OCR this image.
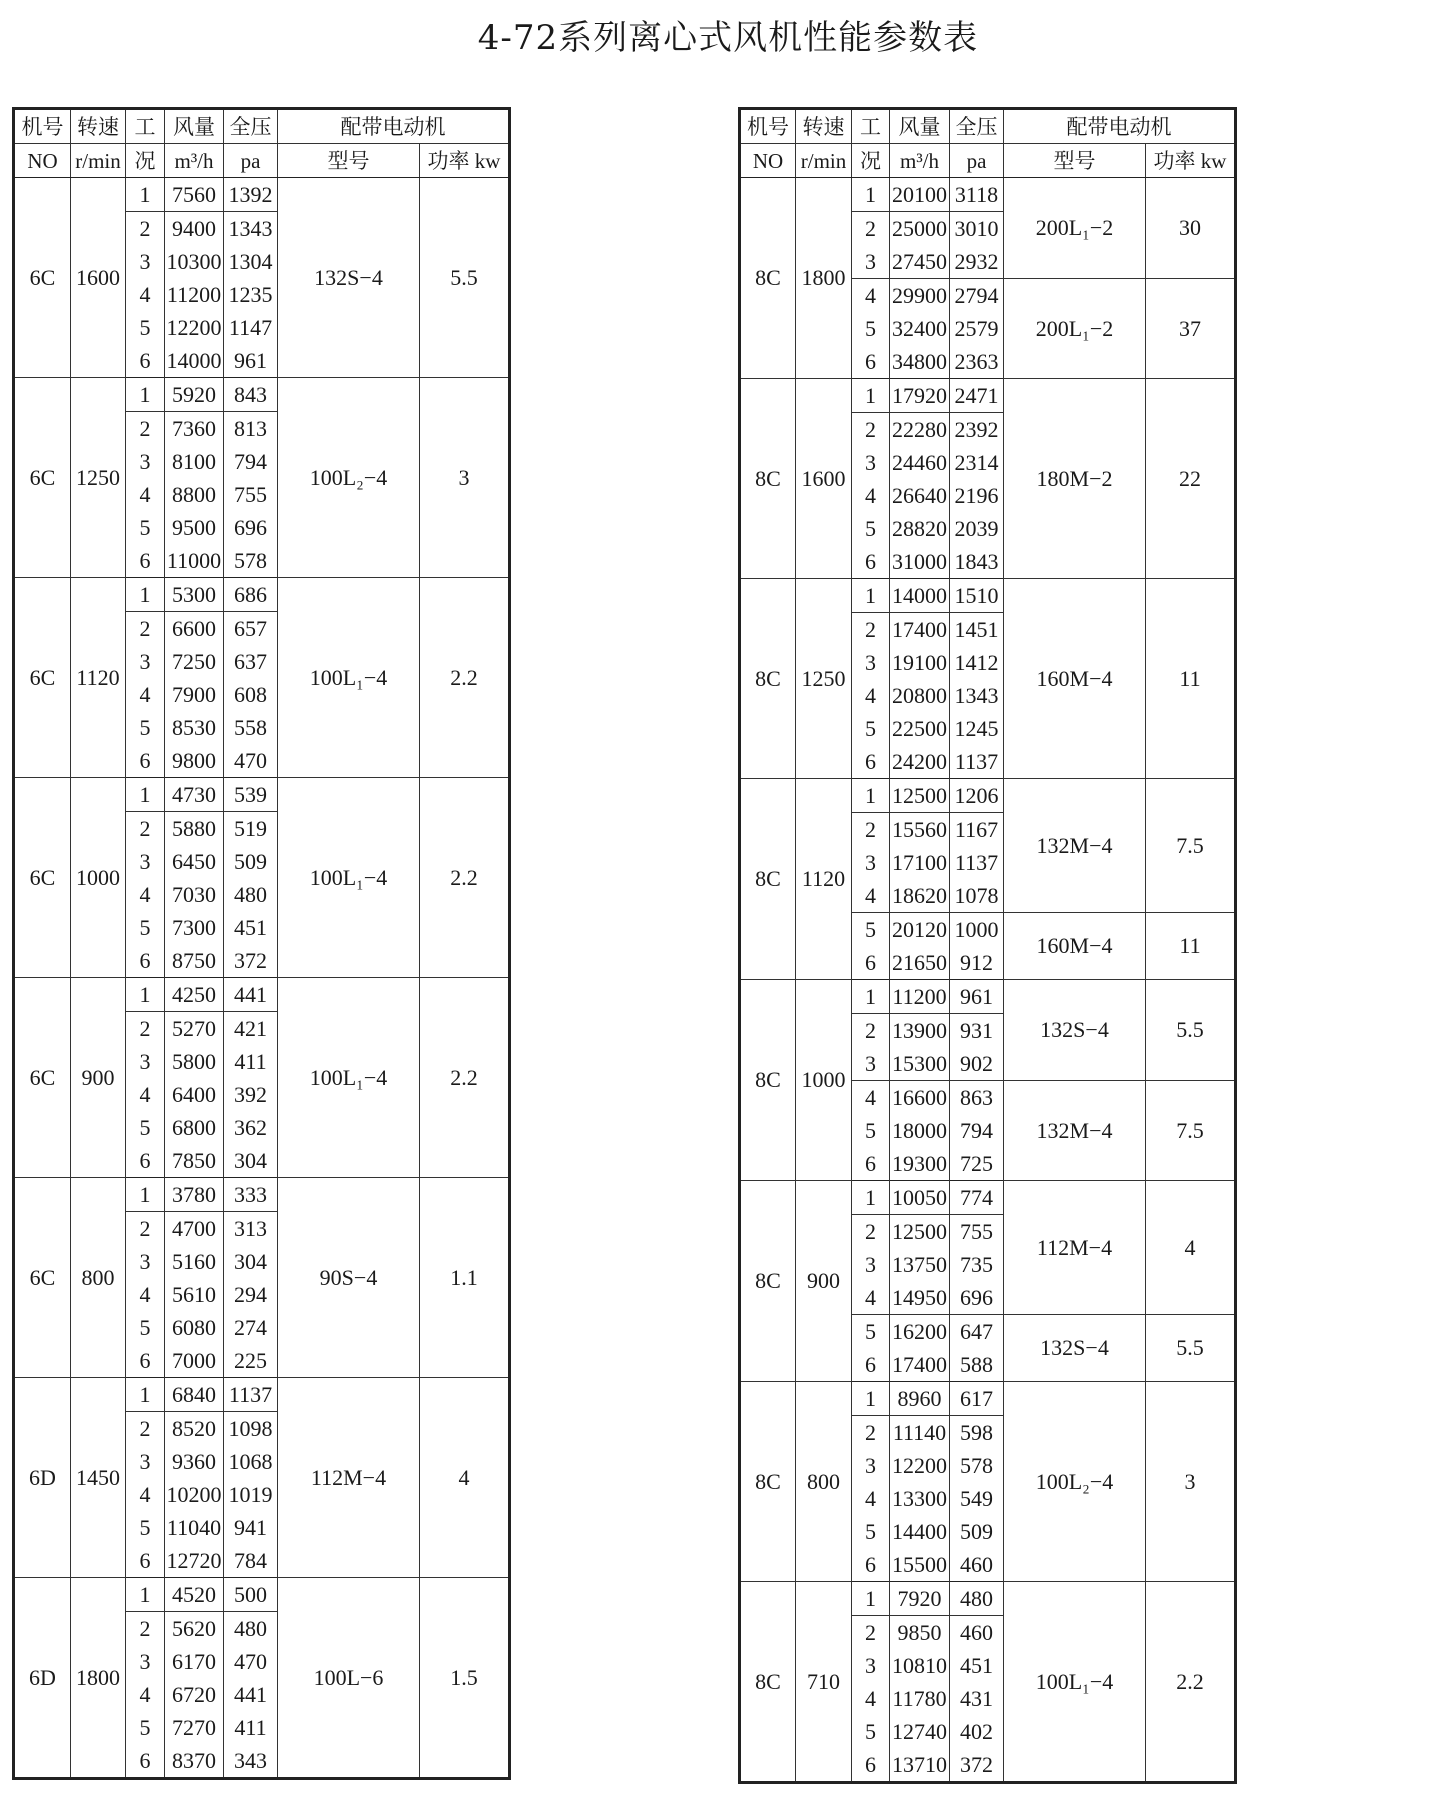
4-72系列离心式风机性能参数表
机号	转速	工	风量	全压	配带电动机	
NO	r/min	况	m³/h	pa	型号	功率 kw
6C	1600	1	7560	1392	132S−4	5.5
		2	9400	1343		
		3	10300	1304		
		4	11200	1235		
		5	12200	1147		
		6	14000	961		
6C	1250	1	5920	843	100L₂−4	3
		2	7360	813		
		3	8100	794		
		4	8800	755		
		5	9500	696		
		6	11000	578		
6C	1120	1	5300	686	100L₁−4	2.2
		2	6600	657		
		3	7250	637		
		4	7900	608		
		5	8530	558		
		6	9800	470		
6C	1000	1	4730	539	100L₁−4	2.2
		2	5880	519		
		3	6450	509		
		4	7030	480		
		5	7300	451		
		6	8750	372		
6C	900	1	4250	441	100L₁−4	2.2
		2	5270	421		
		3	5800	411		
		4	6400	392		
		5	6800	362		
		6	7850	304		
6C	800	1	3780	333	90S−4	1.1
		2	4700	313		
		3	5160	304		
		4	5610	294		
		5	6080	274		
		6	7000	225		
6D	1450	1	6840	1137	112M−4	4
		2	8520	1098		
		3	9360	1068		
		4	10200	1019		
		5	11040	941		
		6	12720	784		
6D	1800	1	4520	500	100L−6	1.5
		2	5620	480		
		3	6170	470		
		4	6720	441		
		5	7270	411		
		6	8370	343		
机号	转速	工	风量	全压	配带电动机	
NO	r/min	况	m³/h	pa	型号	功率 kw
8C	1800	1	20100	3118	200L₁−2	30
		2	25000	3010		
		3	27450	2932		
		4	29900	2794	200L₁−2	37
		5	32400	2579		
		6	34800	2363		
8C	1600	1	17920	2471	180M−2	22
		2	22280	2392		
		3	24460	2314		
		4	26640	2196		
		5	28820	2039		
		6	31000	1843		
8C	1250	1	14000	1510	160M−4	11
		2	17400	1451		
		3	19100	1412		
		4	20800	1343		
		5	22500	1245		
		6	24200	1137		
8C	1120	1	12500	1206	132M−4	7.5
		2	15560	1167		
		3	17100	1137		
		4	18620	1078		
		5	20120	1000	160M−4	11
		6	21650	912		
8C	1000	1	11200	961	132S−4	5.5
		2	13900	931		
		3	15300	902		
		4	16600	863	132M−4	7.5
		5	18000	794		
		6	19300	725		
8C	900	1	10050	774	112M−4	4
		2	12500	755		
		3	13750	735		
		4	14950	696		
		5	16200	647	132S−4	5.5
		6	17400	588		
8C	800	1	8960	617	100L₂−4	3
		2	11140	598		
		3	12200	578		
		4	13300	549		
		5	14400	509		
		6	15500	460		
8C	710	1	7920	480	100L₁−4	2.2
		2	9850	460		
		3	10810	451		
		4	11780	431		
		5	12740	402		
		6	13710	372		
